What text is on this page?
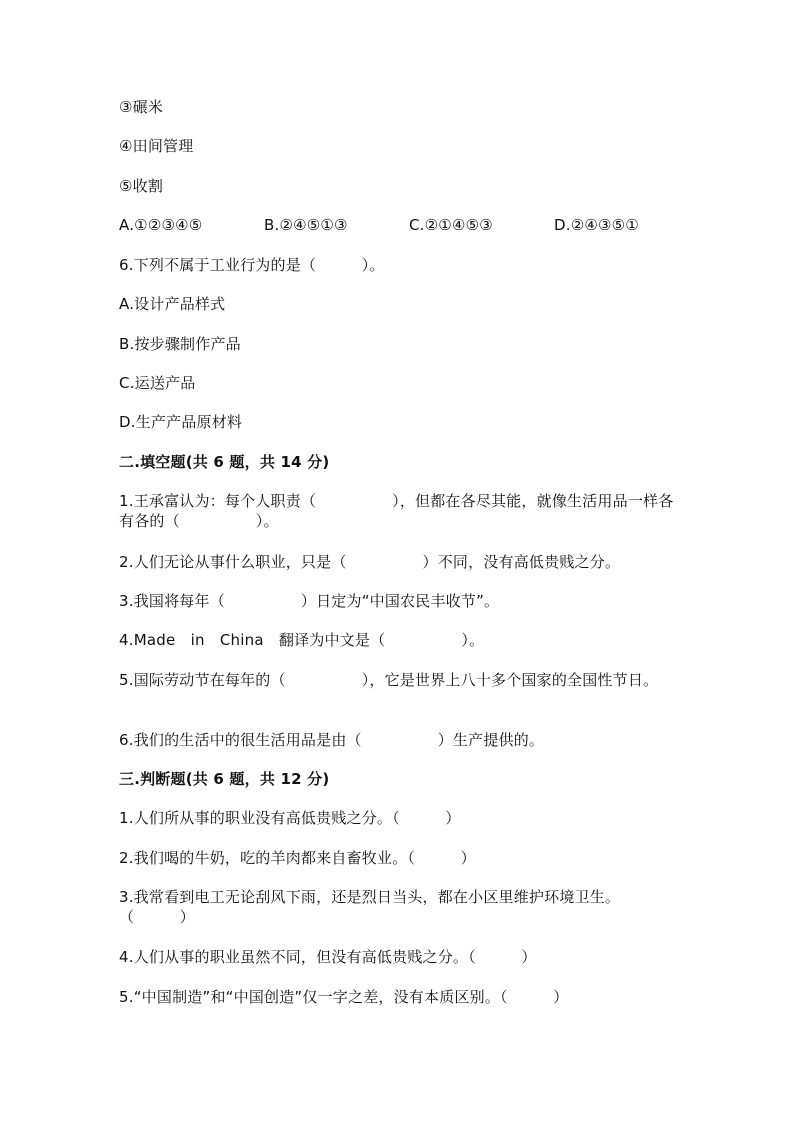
③碾米
④田间管理
⑤收割
A.①②③④⑤	B.②④⑤①③	C.②①④⑤③	D.②④③⑤①
6.下列不属于工业行为的是（　　　）。
A.设计产品样式
B.按步骤制作产品
C.运送产品
D.生产产品原材料
二.填空题(共 6 题，共 14 分)
1.王承富认为：每个人职责（　　　　　），但都在各尽其能，就像生活用品一样各有各的（　　　　　）。
2.人们无论从事什么职业，只是（　　　　　）不同，没有高低贵贱之分。
3.我国将每年（　　　　　）日定为“中国农民丰收节”。
4.Made　in　China　翻译为中文是（　　　　　）。
5.国际劳动节在每年的（　　　　　），它是世界上八十多个国家的全国性节日。
6.我们的生活中的很生活用品是由（　　　　　）生产提供的。
三.判断题(共 6 题，共 12 分)
1.人们所从事的职业没有高低贵贱之分。（　　　）
2.我们喝的牛奶，吃的羊肉都来自畜牧业。（　　　）
3.我常看到电工无论刮风下雨，还是烈日当头，都在小区里维护环境卫生。（　　　）
4.人们从事的职业虽然不同，但没有高低贵贱之分。（　　　）
5.“中国制造”和“中国创造”仅一字之差，没有本质区别。（　　　）
